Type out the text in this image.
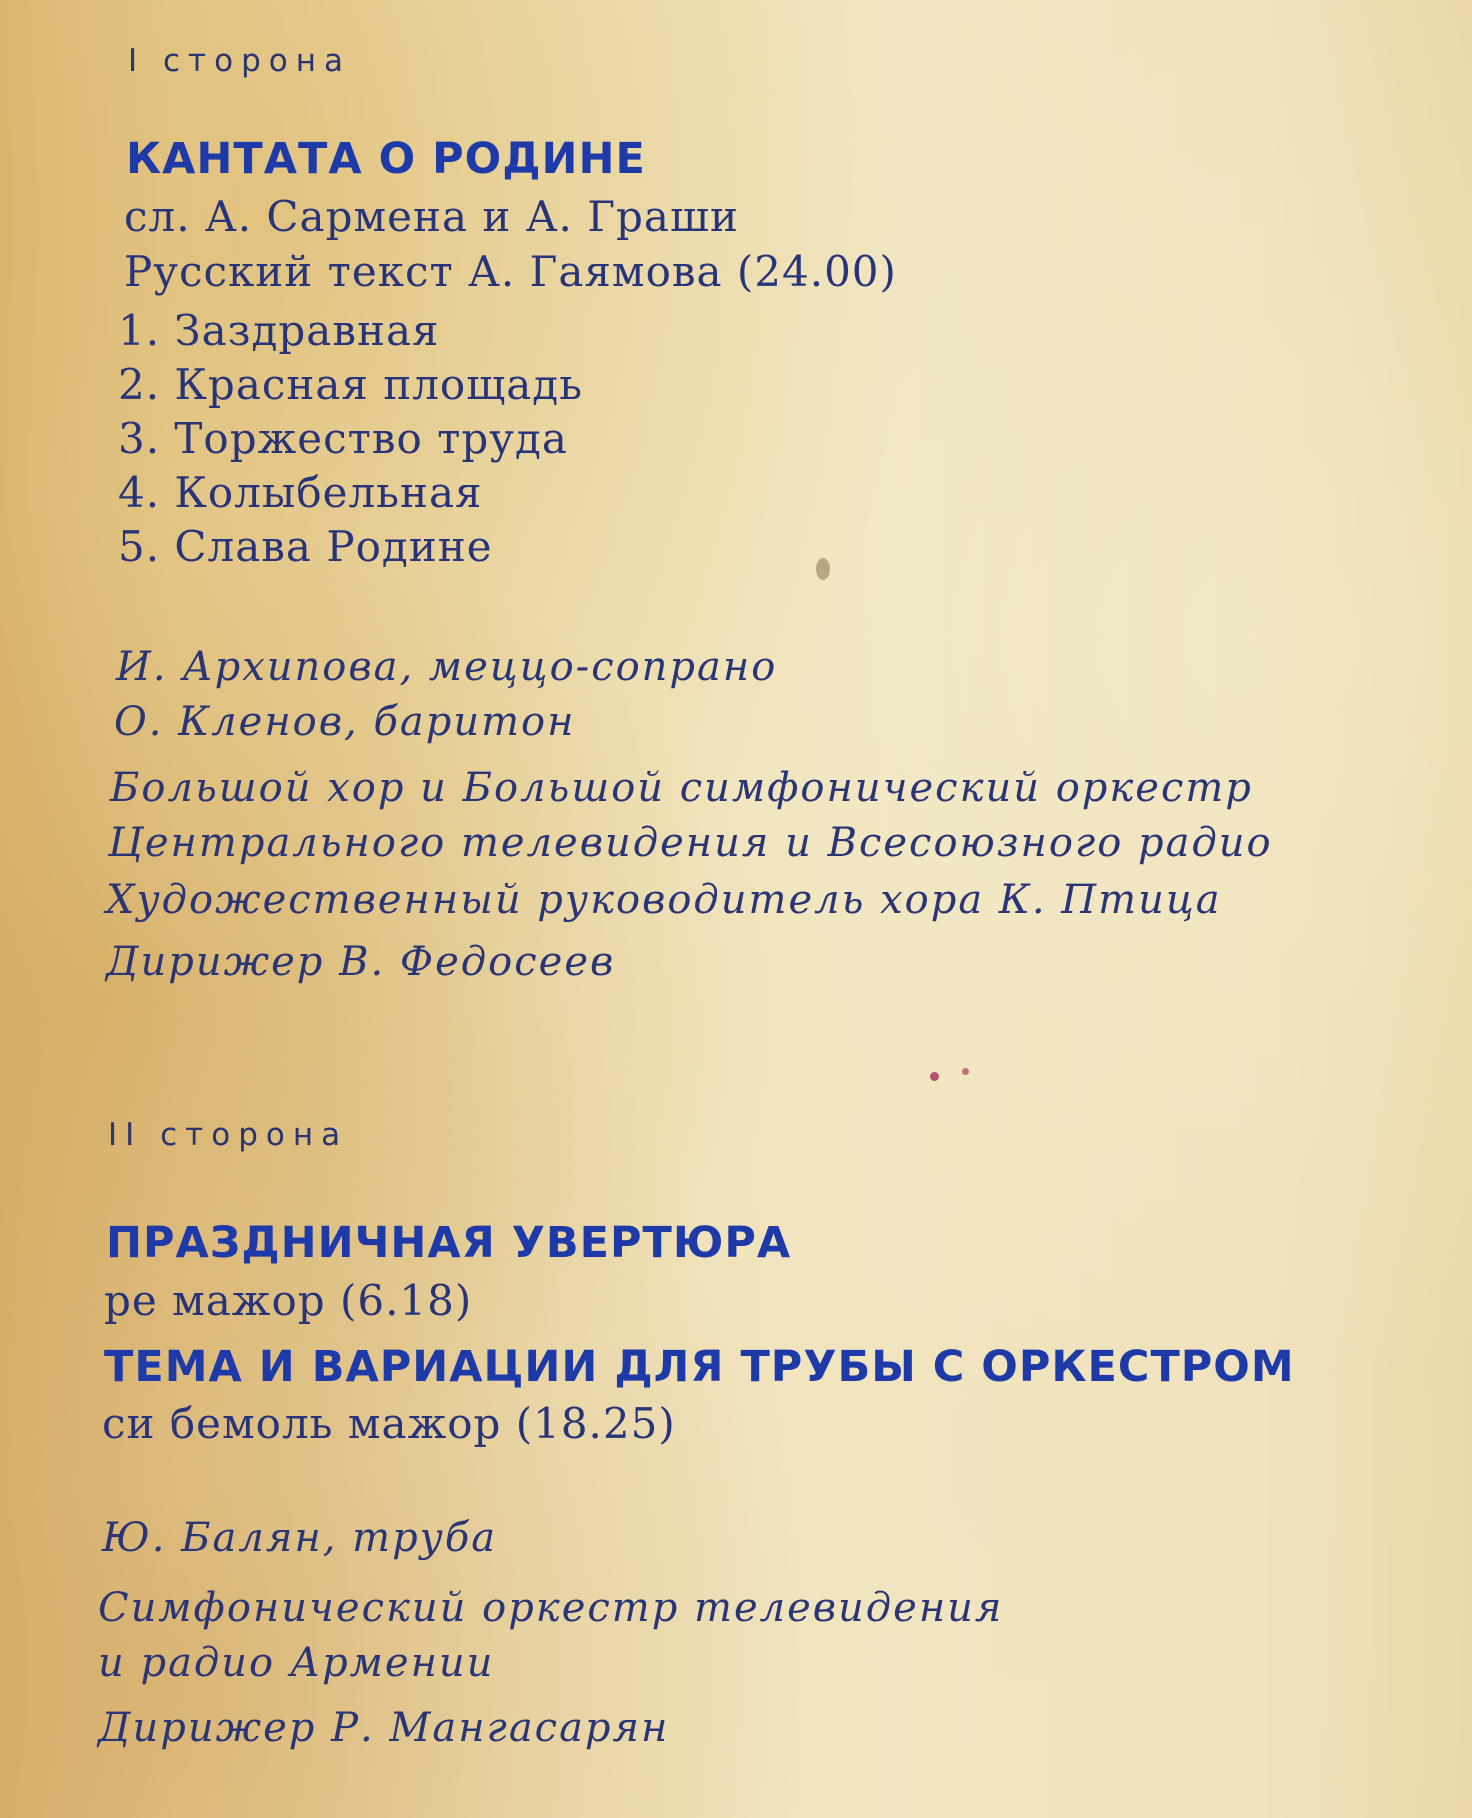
I сторона
КАНТАТА О РОДИНЕ
сл. А. Сармена и А. Граши
Русский текст А. Гаямова (24.00)
1. Заздравная
2. Красная площадь
3. Торжество труда
4. Колыбельная
5. Слава Родине
И. Архипова, меццо-сопрано
О. Кленов, баритон
Большой хор и Большой симфонический оркестр
Центрального телевидения и Всесоюзного радио
Художественный руководитель хора К. Птица
Дирижер В. Федосеев
II сторона
ПРАЗДНИЧНАЯ УВЕРТЮРА
ре мажор (6.18)
ТЕМА И ВАРИАЦИИ ДЛЯ ТРУБЫ С ОРКЕСТРОМ
си бемоль мажор (18.25)
Ю. Балян, труба
Симфонический оркестр телевидения
и радио Армении
Дирижер Р. Мангасарян
